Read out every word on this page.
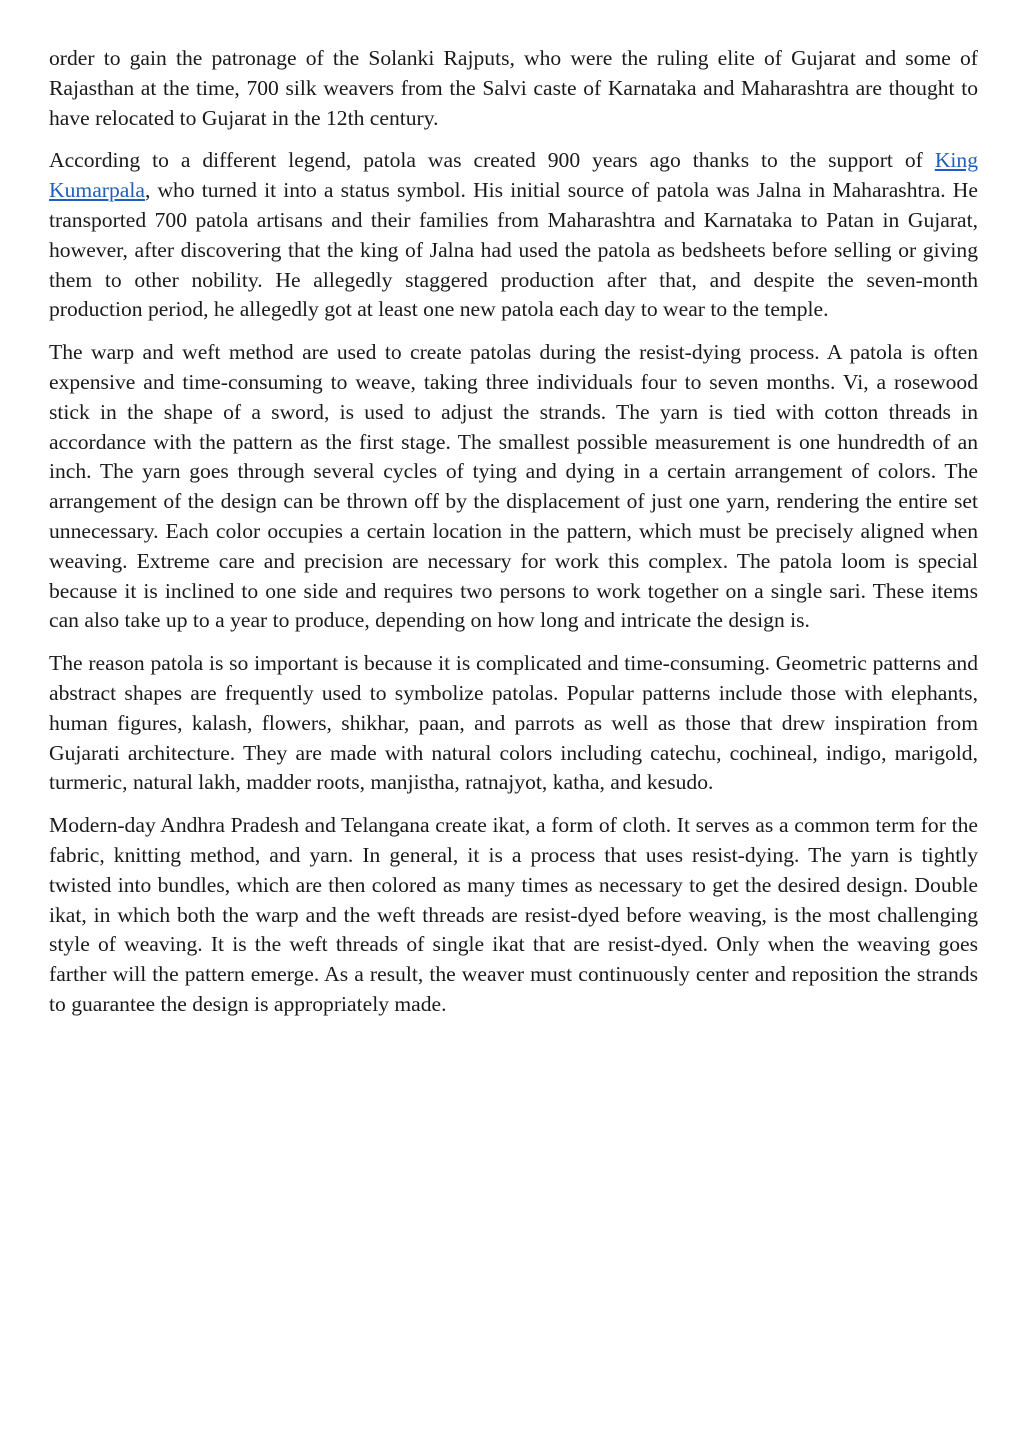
order to gain the patronage of the Solanki Rajputs, who were the ruling elite of Gujarat and some of Rajasthan at the time, 700 silk weavers from the Salvi caste of Karnataka and Maharashtra are thought to have relocated to Gujarat in the 12th century.

According to a different legend, patola was created 900 years ago thanks to the support of King Kumarpala, who turned it into a status symbol. His initial source of patola was Jalna in Maharashtra. He transported 700 patola artisans and their families from Maharashtra and Karnataka to Patan in Gujarat, however, after discovering that the king of Jalna had used the patola as bedsheets before selling or giving them to other nobility. He allegedly staggered production after that, and despite the seven-month production period, he allegedly got at least one new patola each day to wear to the temple.

The warp and weft method are used to create patolas during the resist-dying process. A patola is often expensive and time-consuming to weave, taking three individuals four to seven months. Vi, a rosewood stick in the shape of a sword, is used to adjust the strands. The yarn is tied with cotton threads in accordance with the pattern as the first stage. The smallest possible measurement is one hundredth of an inch. The yarn goes through several cycles of tying and dying in a certain arrangement of colors. The arrangement of the design can be thrown off by the displacement of just one yarn, rendering the entire set unnecessary. Each color occupies a certain location in the pattern, which must be precisely aligned when weaving. Extreme care and precision are necessary for work this complex. The patola loom is special because it is inclined to one side and requires two persons to work together on a single sari. These items can also take up to a year to produce, depending on how long and intricate the design is.

The reason patola is so important is because it is complicated and time-consuming. Geometric patterns and abstract shapes are frequently used to symbolize patolas. Popular patterns include those with elephants, human figures, kalash, flowers, shikhar, paan, and parrots as well as those that drew inspiration from Gujarati architecture. They are made with natural colors including catechu, cochineal, indigo, marigold, turmeric, natural lakh, madder roots, manjistha, ratnajyot, katha, and kesudo.

Modern-day Andhra Pradesh and Telangana create ikat, a form of cloth. It serves as a common term for the fabric, knitting method, and yarn. In general, it is a process that uses resist-dying. The yarn is tightly twisted into bundles, which are then colored as many times as necessary to get the desired design. Double ikat, in which both the warp and the weft threads are resist-dyed before weaving, is the most challenging style of weaving. It is the weft threads of single ikat that are resist-dyed. Only when the weaving goes farther will the pattern emerge. As a result, the weaver must continuously center and reposition the strands to guarantee the design is appropriately made.
